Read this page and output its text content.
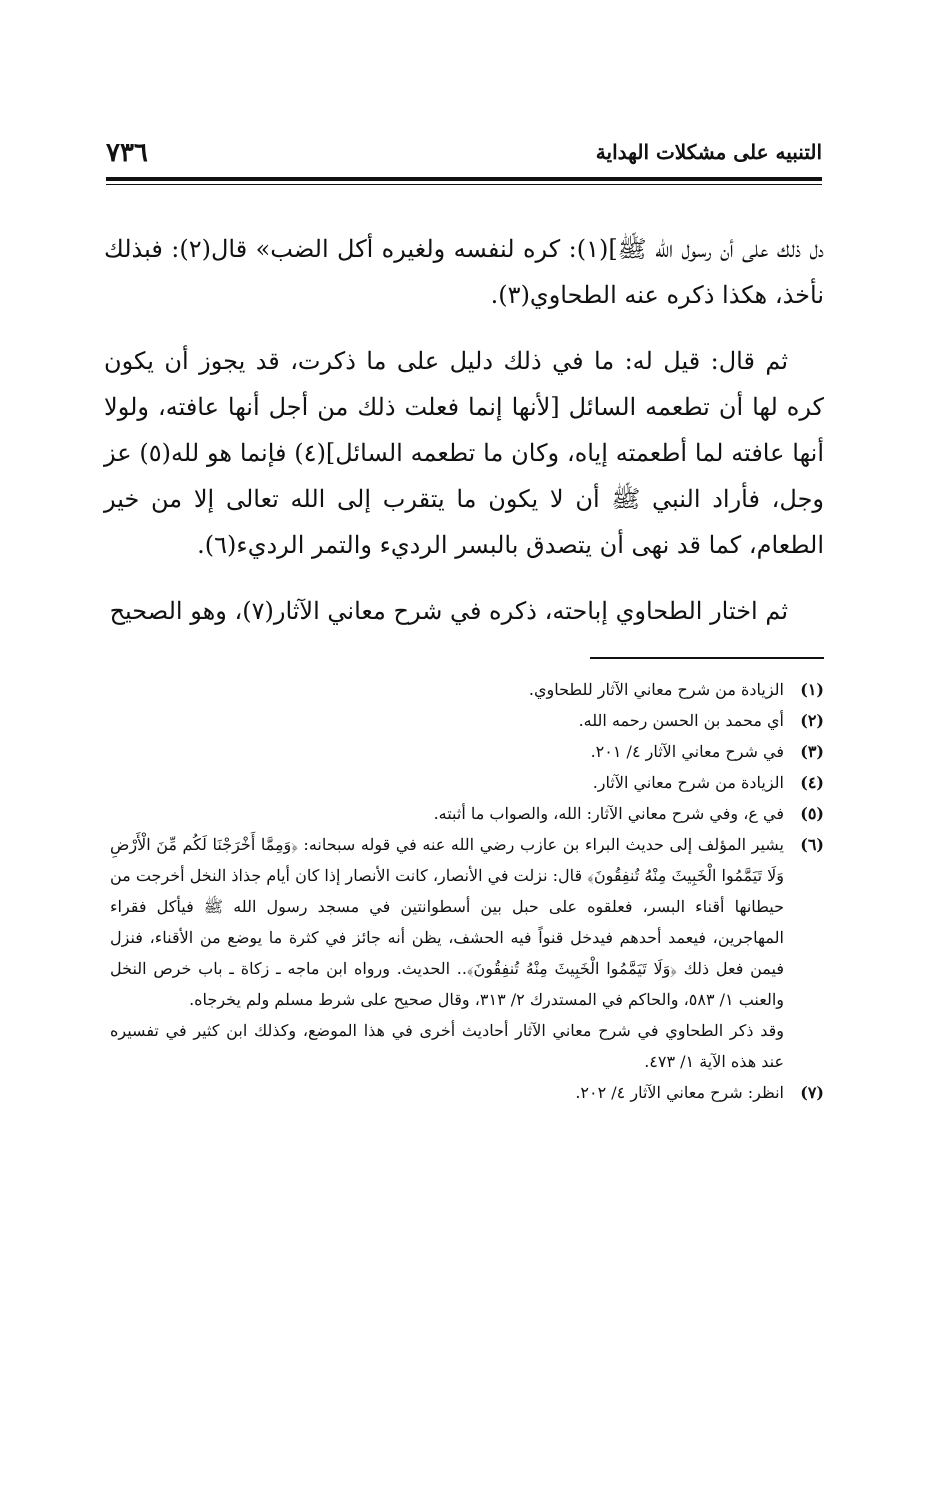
التنبيه على مشكلات الهداية
٧٣٦

دل ذلك على أن رسول الله ﷺ](١): كره لنفسه ولغيره أكل الضب» قال(٢): فبذلك نأخذ، هكذا ذكره عنه الطحاوي(٣).

ثم قال: قيل له: ما في ذلك دليل على ما ذكرت، قد يجوز أن يكون كره لها أن تطعمه السائل [لأنها إنما فعلت ذلك من أجل أنها عافته، ولولا أنها عافته لما أطعمته إياه، وكان ما تطعمه السائل](٤) فإنما هو لله(٥) عز وجل، فأراد النبي ﷺ أن لا يكون ما يتقرب إلى الله تعالى إلا من خير الطعام، كما قد نهى أن يتصدق بالبسر الرديء والتمر الرديء(٦).

ثم اختار الطحاوي إباحته، ذكره في شرح معاني الآثار(٧)، وهو الصحيح

(١)
الزيادة من شرح معاني الآثار للطحاوي.
(٢)
أي محمد بن الحسن رحمه الله.
(٣)
في شرح معاني الآثار ٤/ ٢٠١.
(٤)
الزيادة من شرح معاني الآثار.
(٥)
في ع، وفي شرح معاني الآثار: الله، والصواب ما أثبته.
(٦)
يشير المؤلف إلى حديث البراء بن عازب رضي الله عنه في قوله سبحانه: ﴿وَمِمَّا أَخْرَجْنَا لَكُم مِّنَ الْأَرْضِ وَلَا تَيَمَّمُوا الْخَبِيثَ مِنْهُ تُنفِقُونَ﴾ قال: نزلت في الأنصار، كانت الأنصار إذا كان أيام جذاذ النخل أخرجت من حيطانها أقناء البسر، فعلقوه على حبل بين أسطوانتين في مسجد رسول الله ﷺ فيأكل فقراء المهاجرين، فيعمد أحدهم فيدخل قنواً فيه الحشف، يظن أنه جائز في كثرة ما يوضع من الأقناء، فنزل فيمن فعل ذلك ﴿وَلَا تَيَمَّمُوا الْخَبِيثَ مِنْهُ تُنفِقُونَ﴾.. الحديث. ورواه ابن ماجه ـ زكاة ـ باب خرص النخل والعنب ١/ ٥٨٣، والحاكم في المستدرك ٢/ ٣١٣، وقال صحيح على شرط مسلم ولم يخرجاه.
وقد ذكر الطحاوي في شرح معاني الآثار أحاديث أخرى في هذا الموضع، وكذلك ابن كثير في تفسيره عند هذه الآية ١/ ٤٧٣.
(٧)
انظر: شرح معاني الآثار ٤/ ٢٠٢.
